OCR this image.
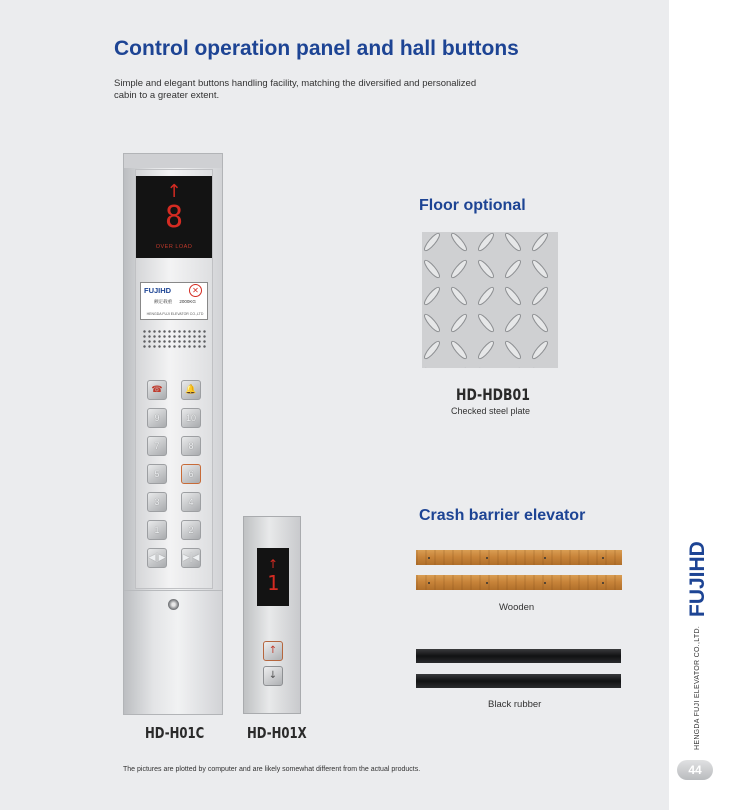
Control operation panel and hall buttons
Simple and elegant buttons handling facility, matching the diversified and personalized cabin to a greater extent.
↑
8
OVER LOAD
FUJIHD	✕
额定载重 2000KG
HENGDA FUJI ELEVATOR CO.,LTD
☎	🔔
9	10
7	8
5	6
3	4
1	2
◀|▶ ▶|◀
HD-H01C
↑
1
↑
↓
HD-H01X
Floor optional
HD-HDB01
Checked steel plate
Crash barrier elevator
Wooden
Black rubber
The pictures are plotted by computer and are likely somewhat different from the actual products.
FUJIHD
HENGDA FUJI ELEVATOR CO.,LTD.
44
